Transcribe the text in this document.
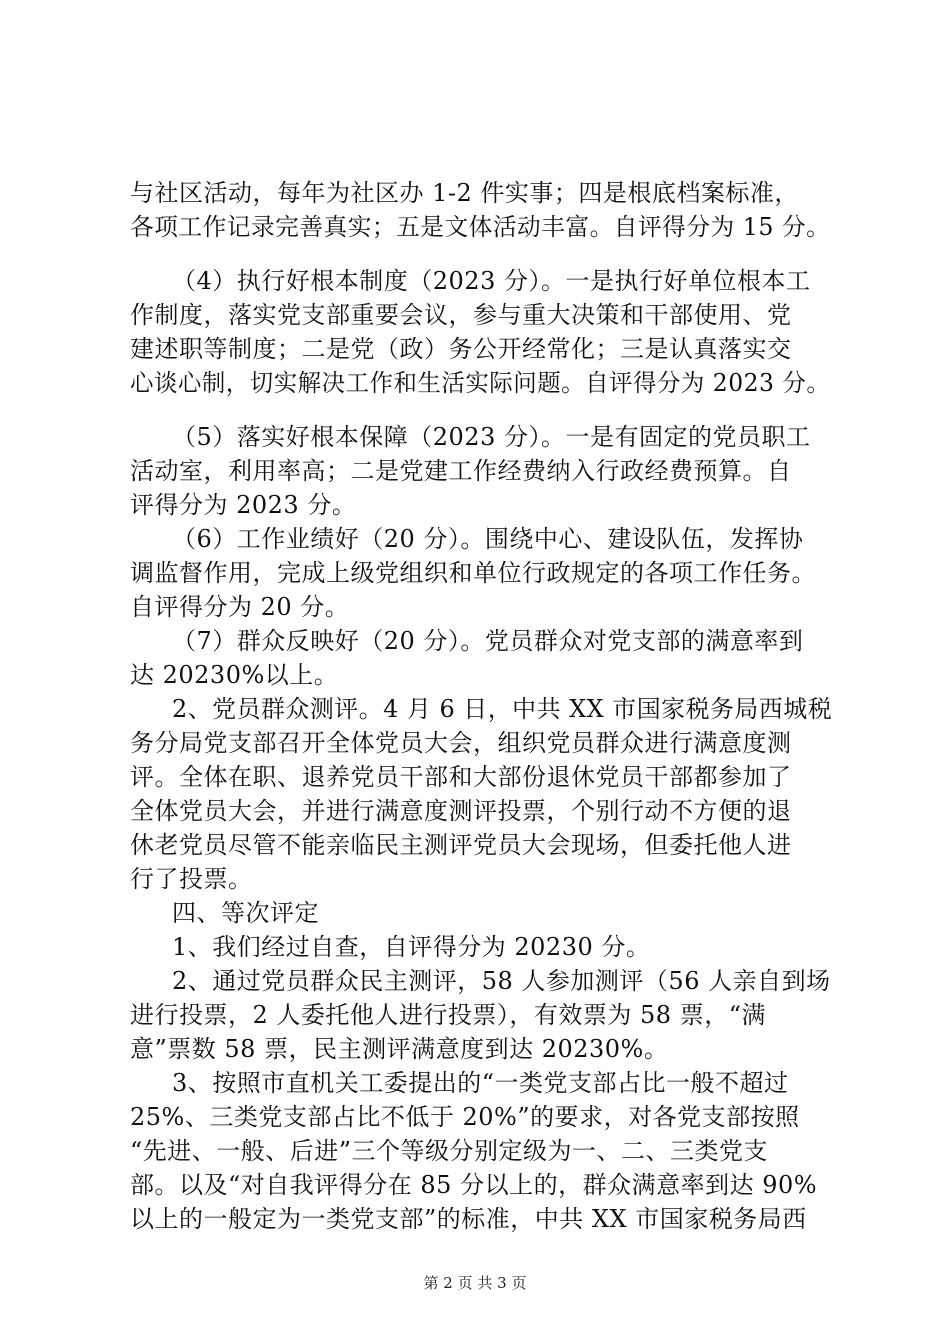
与社区活动，每年为社区办 1-2 件实事；四是根底档案标准，
各项工作记录完善真实；五是文体活动丰富。自评得分为 15 分。
（4）执行好根本制度（2023 分）。一是执行好单位根本工
作制度，落实党支部重要会议，参与重大决策和干部使用、党
建述职等制度；二是党（政）务公开经常化；三是认真落实交
心谈心制，切实解决工作和生活实际问题。自评得分为 2023 分。
（5）落实好根本保障（2023 分）。一是有固定的党员职工
活动室，利用率高；二是党建工作经费纳入行政经费预算。自
评得分为 2023 分。
（6）工作业绩好（20 分）。围绕中心、建设队伍，发挥协
调监督作用，完成上级党组织和单位行政规定的各项工作任务。
自评得分为 20 分。
（7）群众反映好（20 分）。党员群众对党支部的满意率到
达 20230%以上。
2、党员群众测评。4 月 6 日，中共 XX 市国家税务局西城税
务分局党支部召开全体党员大会，组织党员群众进行满意度测
评。全体在职、退养党员干部和大部份退休党员干部都参加了
全体党员大会，并进行满意度测评投票，个别行动不方便的退
休老党员尽管不能亲临民主测评党员大会现场，但委托他人进
行了投票。
四、等次评定
1、我们经过自查，自评得分为 20230 分。
2、通过党员群众民主测评，58 人参加测评（56 人亲自到场
进行投票，2 人委托他人进行投票），有效票为 58 票，“满
意”票数 58 票，民主测评满意度到达 20230%。
3、按照市直机关工委提出的“一类党支部占比一般不超过
25%、三类党支部占比不低于 20%”的要求，对各党支部按照
“先进、一般、后进”三个等级分别定级为一、二、三类党支
部。以及“对自我评得分在 85 分以上的，群众满意率到达 90%
以上的一般定为一类党支部”的标准，中共 XX 市国家税务局西
第 2 页 共 3 页
